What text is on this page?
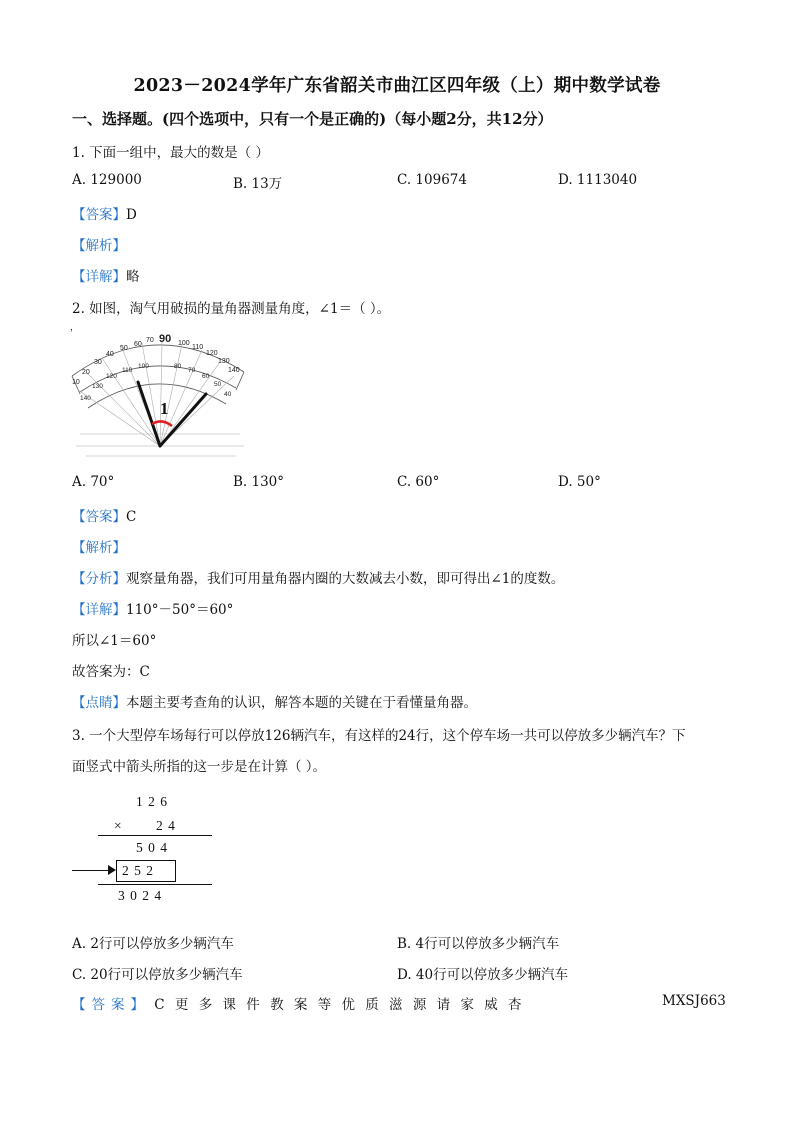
2023－2024学年广东省韶关市曲江区四年级（上）期中数学试卷
一、选择题。(四个选项中，只有一个是正确的)（每小题2分，共12分）
1. 下面一组中，最大的数是（ ）
A. 129000	B. 13万	C. 109674	D. 1113040
【答案】D
【解析】
【详解】略
2. 如图，淘气用破损的量角器测量角度，∠1＝（ ）。
，
10
20
30
40
50
60
70 90 100
110
120
130
140
140
130
120
110
100	80
70
60
50
40
1
A. 70°	B. 130°	C. 60°	D. 50°
【答案】C
【解析】
【分析】观察量角器，我们可用量角器内圈的大数减去小数，即可得出∠1的度数。
【详解】110°－50°＝60°
所以∠1＝60°
故答案为：C
【点睛】本题主要考查角的认识，解答本题的关键在于看懂量角器。
3. 一个大型停车场每行可以停放126辆汽车，有这样的24行，这个停车场一共可以停放多少辆汽车？下
面竖式中箭头所指的这一步是在计算（ ）。
1 2 6
×	2 4
5 0 4
2 5 2
3 0 2 4
A. 2行可以停放多少辆汽车	B. 4行可以停放多少辆汽车
C. 20行可以停放多少辆汽车	D. 40行可以停放多少辆汽车
【答案】 C 更 多 课 件 教 案 等 优 质 滋 源 请 家 威 杏	MXSJ663
